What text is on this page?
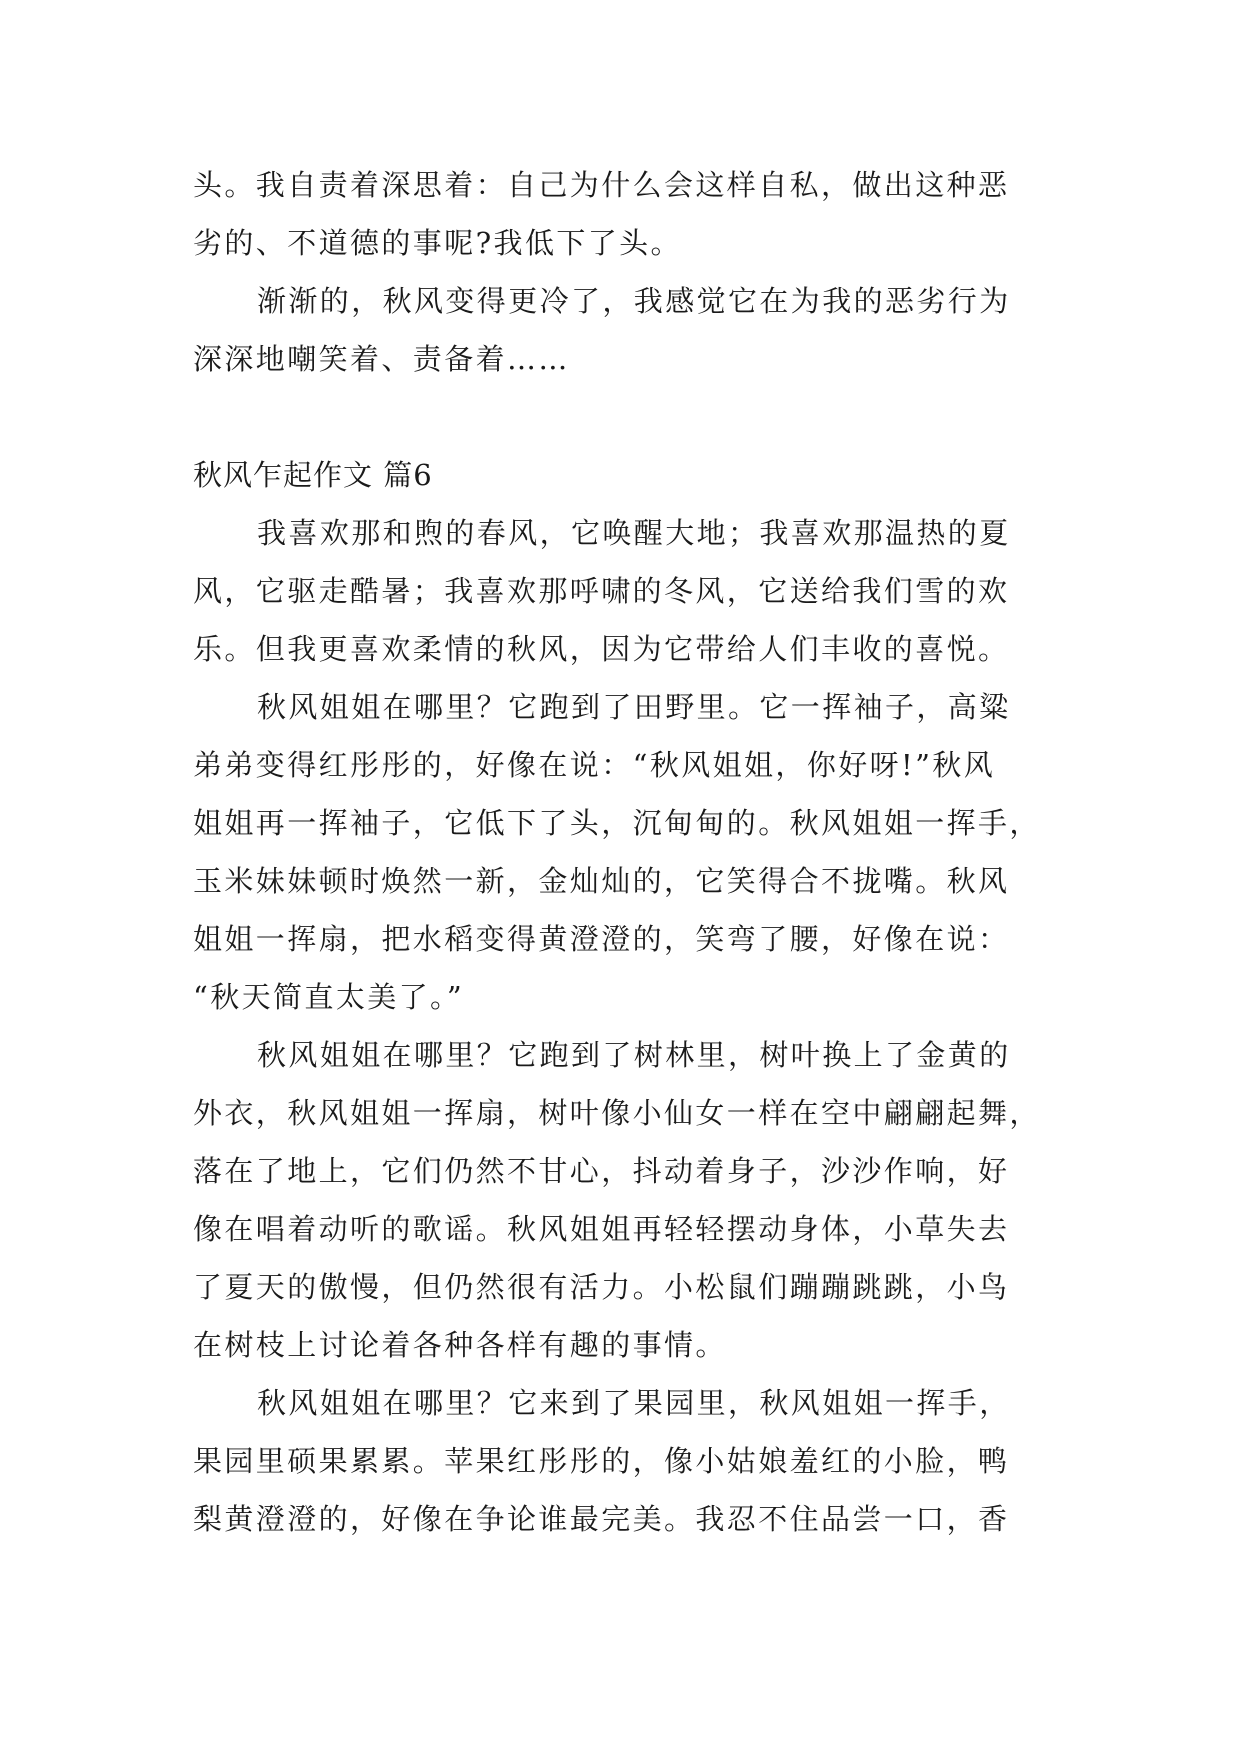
头。我自责着深思着：自己为什么会这样自私，做出这种恶
劣的、不道德的事呢?我低下了头。
渐渐的，秋风变得更冷了，我感觉它在为我的恶劣行为
深深地嘲笑着、责备着……
秋风乍起作文 篇6
我喜欢那和煦的春风，它唤醒大地；我喜欢那温热的夏
风，它驱走酷暑；我喜欢那呼啸的冬风，它送给我们雪的欢
乐。但我更喜欢柔情的秋风，因为它带给人们丰收的喜悦。
秋风姐姐在哪里？它跑到了田野里。它一挥袖子，高粱
弟弟变得红彤彤的，好像在说：“秋风姐姐，你好呀!”秋风
姐姐再一挥袖子，它低下了头，沉甸甸的。秋风姐姐一挥手，
玉米妹妹顿时焕然一新，金灿灿的，它笑得合不拢嘴。秋风
姐姐一挥扇，把水稻变得黄澄澄的，笑弯了腰，好像在说：
“秋天简直太美了。”
秋风姐姐在哪里？它跑到了树林里，树叶换上了金黄的
外衣，秋风姐姐一挥扇，树叶像小仙女一样在空中翩翩起舞，
落在了地上，它们仍然不甘心，抖动着身子，沙沙作响，好
像在唱着动听的歌谣。秋风姐姐再轻轻摆动身体，小草失去
了夏天的傲慢，但仍然很有活力。小松鼠们蹦蹦跳跳，小鸟
在树枝上讨论着各种各样有趣的事情。
秋风姐姐在哪里？它来到了果园里，秋风姐姐一挥手，
果园里硕果累累。苹果红彤彤的，像小姑娘羞红的小脸，鸭
梨黄澄澄的，好像在争论谁最完美。我忍不住品尝一口，香
